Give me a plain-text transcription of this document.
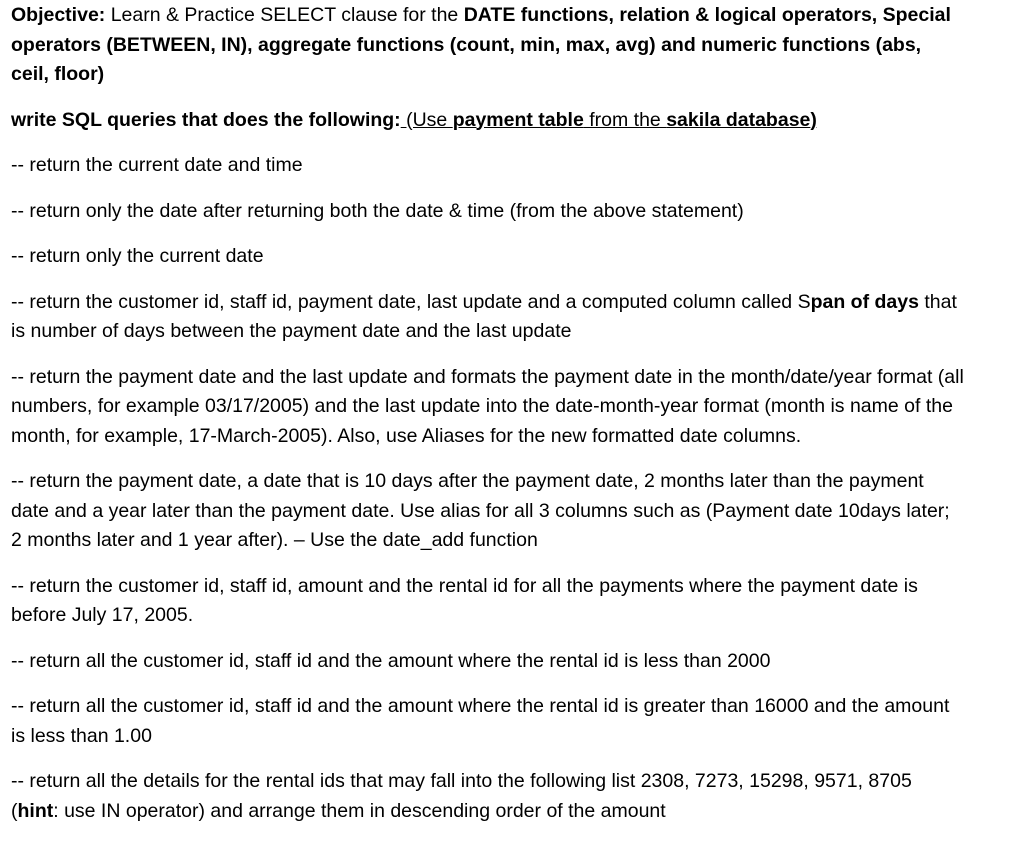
Objective: Learn & Practice SELECT clause for the DATE functions, relation & logical operators, Special operators (BETWEEN, IN), aggregate functions (count, min, max, avg) and numeric functions (abs, ceil, floor)

write SQL queries that does the following: (Use payment table from the sakila database)

-- return the current date and time

-- return only the date after returning both the date & time (from the above statement)

-- return only the current date

-- return the customer id, staff id, payment date, last update and a computed column called Span of days that is number of days between the payment date and the last update

-- return the payment date and the last update and formats the payment date in the month/date/year format (all numbers, for example 03/17/2005) and the last update into the date-month-year format (month is name of the month, for example, 17-March-2005). Also, use Aliases for the new formatted date columns.

-- return the payment date, a date that is 10 days after the payment date, 2 months later than the payment date and a year later than the payment date. Use alias for all 3 columns such as (Payment date 10days later; 2 months later and 1 year after). – Use the date_add function

-- return the customer id, staff id, amount and the rental id for all the payments where the payment date is before July 17, 2005.

-- return all the customer id, staff id and the amount where the rental id is less than 2000

-- return all the customer id, staff id and the amount where the rental id is greater than 16000 and the amount is less than 1.00

-- return all the details for the rental ids that may fall into the following list 2308, 7273, 15298, 9571, 8705 (hint: use IN operator) and arrange them in descending order of the amount
